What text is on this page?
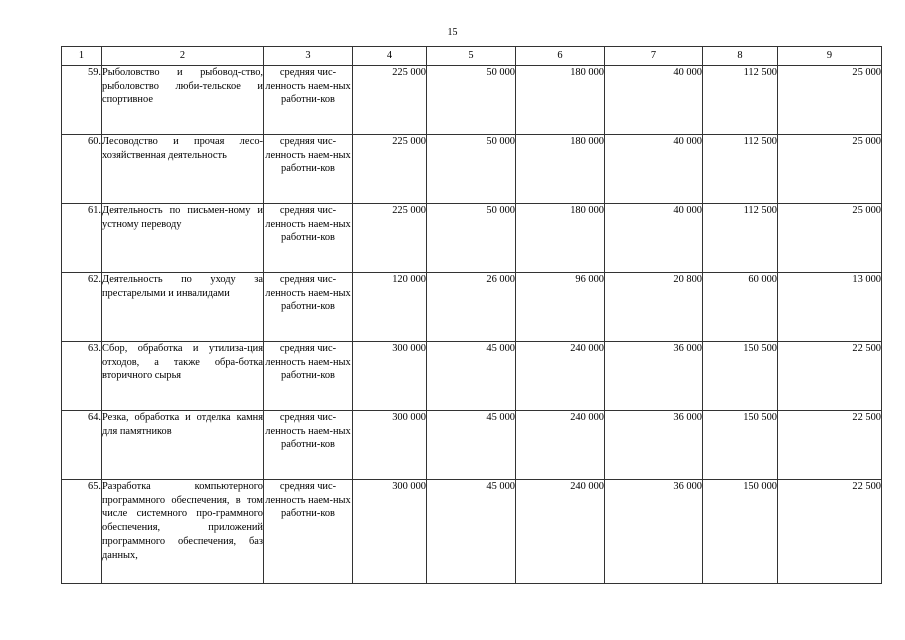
15
1	2	3	4	5	6	7	8	9
59.	Рыболовство и рыбовод-ство, рыболовство люби-тельское и спортивное	средняя чис-ленность наем-ных работни-ков	225 000	50 000	180 000	40 000	112 500	25 000
60.	Лесоводство и прочая лесо-хозяйственная деятельность	средняя чис-ленность наем-ных работни-ков	225 000	50 000	180 000	40 000	112 500	25 000
61.	Деятельность по письмен-ному и устному переводу	средняя чис-ленность наем-ных работни-ков	225 000	50 000	180 000	40 000	112 500	25 000
62.	Деятельность по уходу за престарелыми и инвалидами	средняя чис-ленность наем-ных работни-ков	120 000	26 000	96 000	20 800	60 000	13 000
63.	Сбор, обработка и утилиза-ция отходов, а также обра-ботка вторичного сырья	средняя чис-ленность наем-ных работни-ков	300 000	45 000	240 000	36 000	150 500	22 500
64.	Резка, обработка и отделка камня для памятников	средняя чис-ленность наем-ных работни-ков	300 000	45 000	240 000	36 000	150 500	22 500
65.	Разработка компьютерного программного обеспечения, в том числе системного про-граммного обеспечения, приложений программного обеспечения, баз данных,	средняя чис-ленность наем-ных работни-ков	300 000	45 000	240 000	36 000	150 000	22 500
